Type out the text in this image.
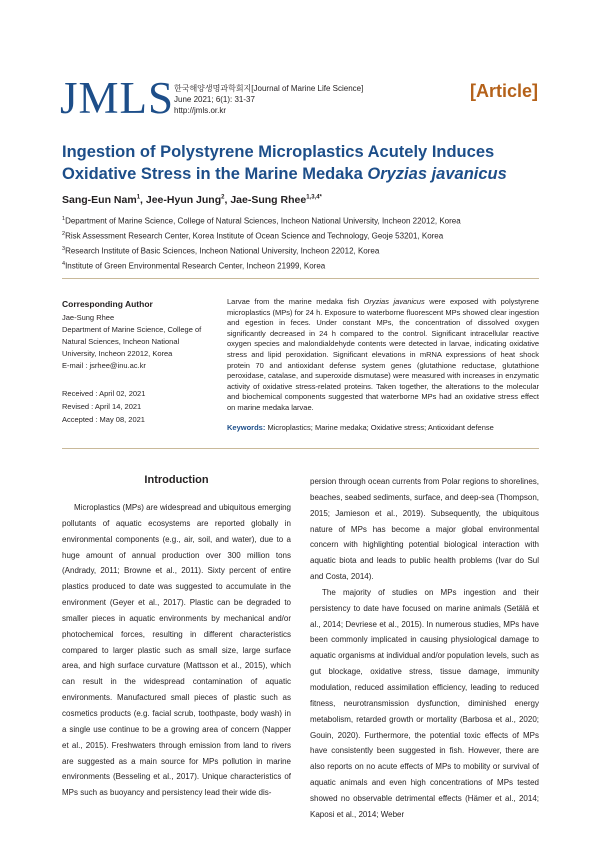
JMLS 한국해양생명과학회지[Journal of Marine Life Science]
June 2021; 6(1): 31-37
http://jmls.or.kr
[Article]
Ingestion of Polystyrene Microplastics Acutely Induces Oxidative Stress in the Marine Medaka Oryzias javanicus
Sang-Eun Nam$^1$, Jee-Hyun Jung$^2$, Jae-Sung Rhee$^{1,3,4*}$
$^1$Department of Marine Science, College of Natural Sciences, Incheon National University, Incheon 22012, Korea
$^2$Risk Assessment Research Center, Korea Institute of Ocean Science and Technology, Geoje 53201, Korea
$^3$Research Institute of Basic Sciences, Incheon National University, Incheon 22012, Korea
$^4$Institute of Green Environmental Research Center, Incheon 21999, Korea
Corresponding Author
Jae-Sung Rhee
Department of Marine Science, College of
Natural Sciences, Incheon National
University, Incheon 22012, Korea
E-mail : jsrhee@inu.ac.kr
Received : April 02, 2021
Revised : April 14, 2021
Accepted : May 08, 2021
Larvae from the marine medaka fish Oryzias javanicus were exposed with polystyrene microplastics (MPs) for 24 h. Exposure to waterborne fluorescent MPs showed clear ingestion and egestion in feces. Under constant MPs, the concentration of dissolved oxygen significantly decreased in 24 h compared to the control. Significant intracellular reactive oxygen species and malondialdehyde contents were detected in larvae, indicating oxidative stress and lipid peroxidation. Significant elevations in mRNA expressions of heat shock protein 70 and antioxidant defense system genes (glutathione reductase, glutathione peroxidase, catalase, and superoxide dismutase) were measured with increases in enzymatic activity of oxidative stress-related proteins. Taken together, the alterations to the molecular and biochemical components suggested that waterborne MPs had an oxidative stress effect on marine medaka larvae.
Keywords: Microplastics; Marine medaka; Oxidative stress; Antioxidant defense
Introduction

Microplastics (MPs) are widespread and ubiquitous emerging pollutants of aquatic ecosystems are reported globally in environmental components (e.g., air, soil, and water), due to a huge amount of annual production over 300 million tons (Andrady, 2011; Browne et al., 2011). Sixty percent of entire plastics produced to date was suggested to accumulate in the environment (Geyer et al., 2017). Plastic can be degraded to smaller pieces in aquatic environments by mechanical and/or photochemical forces, resulting in different characteristics compared to larger plastic such as small size, large surface area, and high surface curvature (Mattsson et al., 2015), which can result in the widespread contamination of aquatic environments. Manufactured small pieces of plastic such as cosmetics products (e.g. facial scrub, toothpaste, body wash) in a single use continue to be a growing area of concern (Napper et al., 2015). Freshwaters through emission from land to rivers are suggested as a main source for MPs pollution in marine environments (Besseling et al., 2017). Unique characteristics of MPs such as buoyancy and persistency lead their wide dis-

persion through ocean currents from Polar regions to shorelines, beaches, seabed sediments, surface, and deep-sea (Thompson, 2015; Jamieson et al., 2019). Subsequently, the ubiquitous nature of MPs has become a major global environmental concern with highlighting potential biological interaction with aquatic biota and leads to public health problems (Ivar do Sul and Costa, 2014).

The majority of studies on MPs ingestion and their persistency to date have focused on marine animals (Setälä et al., 2014; Devriese et al., 2015). In numerous studies, MPs have been commonly implicated in causing physiological damage to aquatic organisms at individual and/or population levels, such as gut blockage, oxidative stress, tissue damage, immunity modulation, reduced assimilation efficiency, leading to reduced fitness, neurotransmission dysfunction, diminished energy metabolism, retarded growth or mortality (Barbosa et al., 2020; Gouin, 2020). Furthermore, the potential toxic effects of MPs have consistently been suggested in fish. However, there are also reports on no acute effects of MPs to mobility or survival of aquatic animals and even high concentrations of MPs tested showed no observable detrimental effects (Hämer et al., 2014; Kaposi et al., 2014; Weber
